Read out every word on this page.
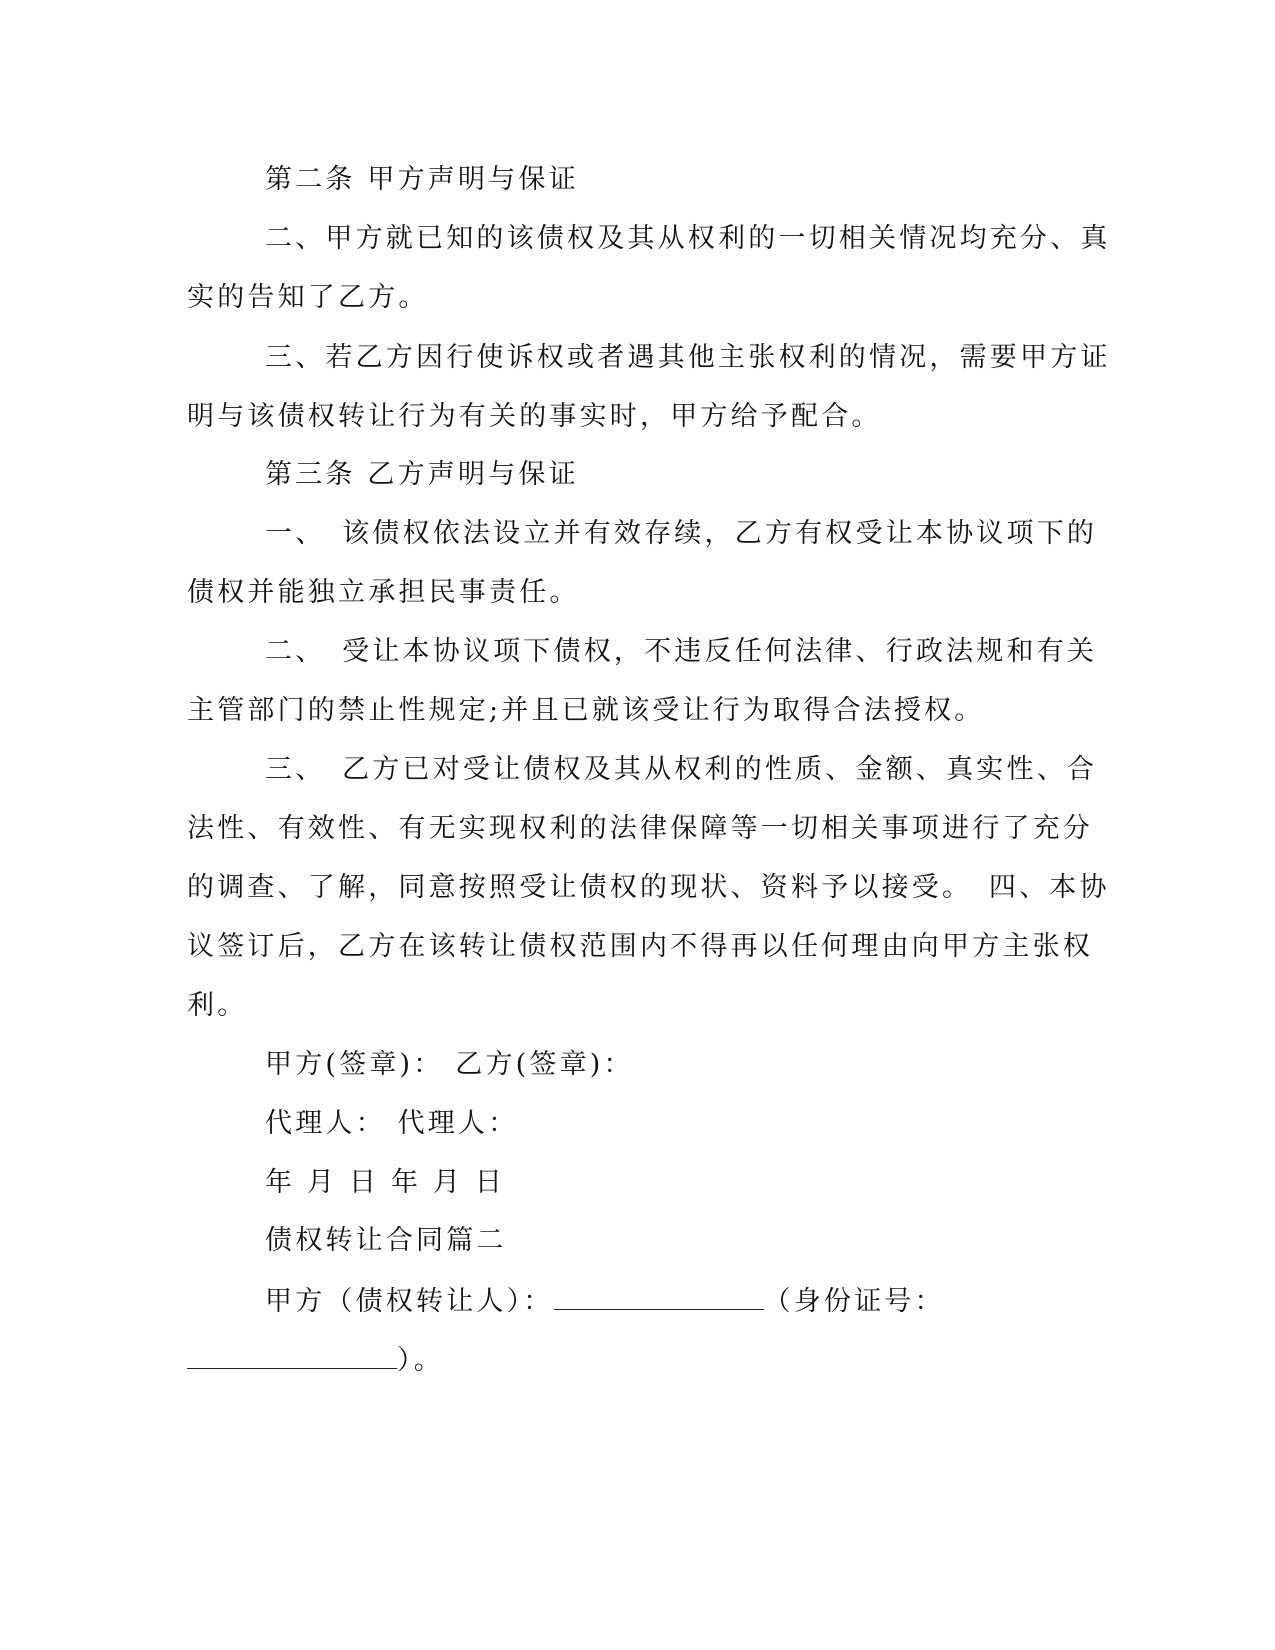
第二条 甲方声明与保证
二、甲方就已知的该债权及其从权利的一切相关情况均充分、真
实的告知了乙方。
三、若乙方因行使诉权或者遇其他主张权利的情况，需要甲方证
明与该债权转让行为有关的事实时，甲方给予配合。
第三条 乙方声明与保证
一、　该债权依法设立并有效存续，乙方有权受让本协议项下的
债权并能独立承担民事责任。
二、　受让本协议项下债权，不违反任何法律、行政法规和有关
主管部门的禁止性规定;并且已就该受让行为取得合法授权。
三、　乙方已对受让债权及其从权利的性质、金额、真实性、合
法性、有效性、有无实现权利的法律保障等一切相关事项进行了充分
的调查、了解，同意按照受让债权的现状、资料予以接受。　四、本协
议签订后，乙方在该转让债权范围内不得再以任何理由向甲方主张权
利。
甲方(签章)： 乙方(签章)：
代理人： 代理人：
年 月 日 年 月 日
债权转让合同篇二
甲方（债权转让人）：	（身份证号：
）。
